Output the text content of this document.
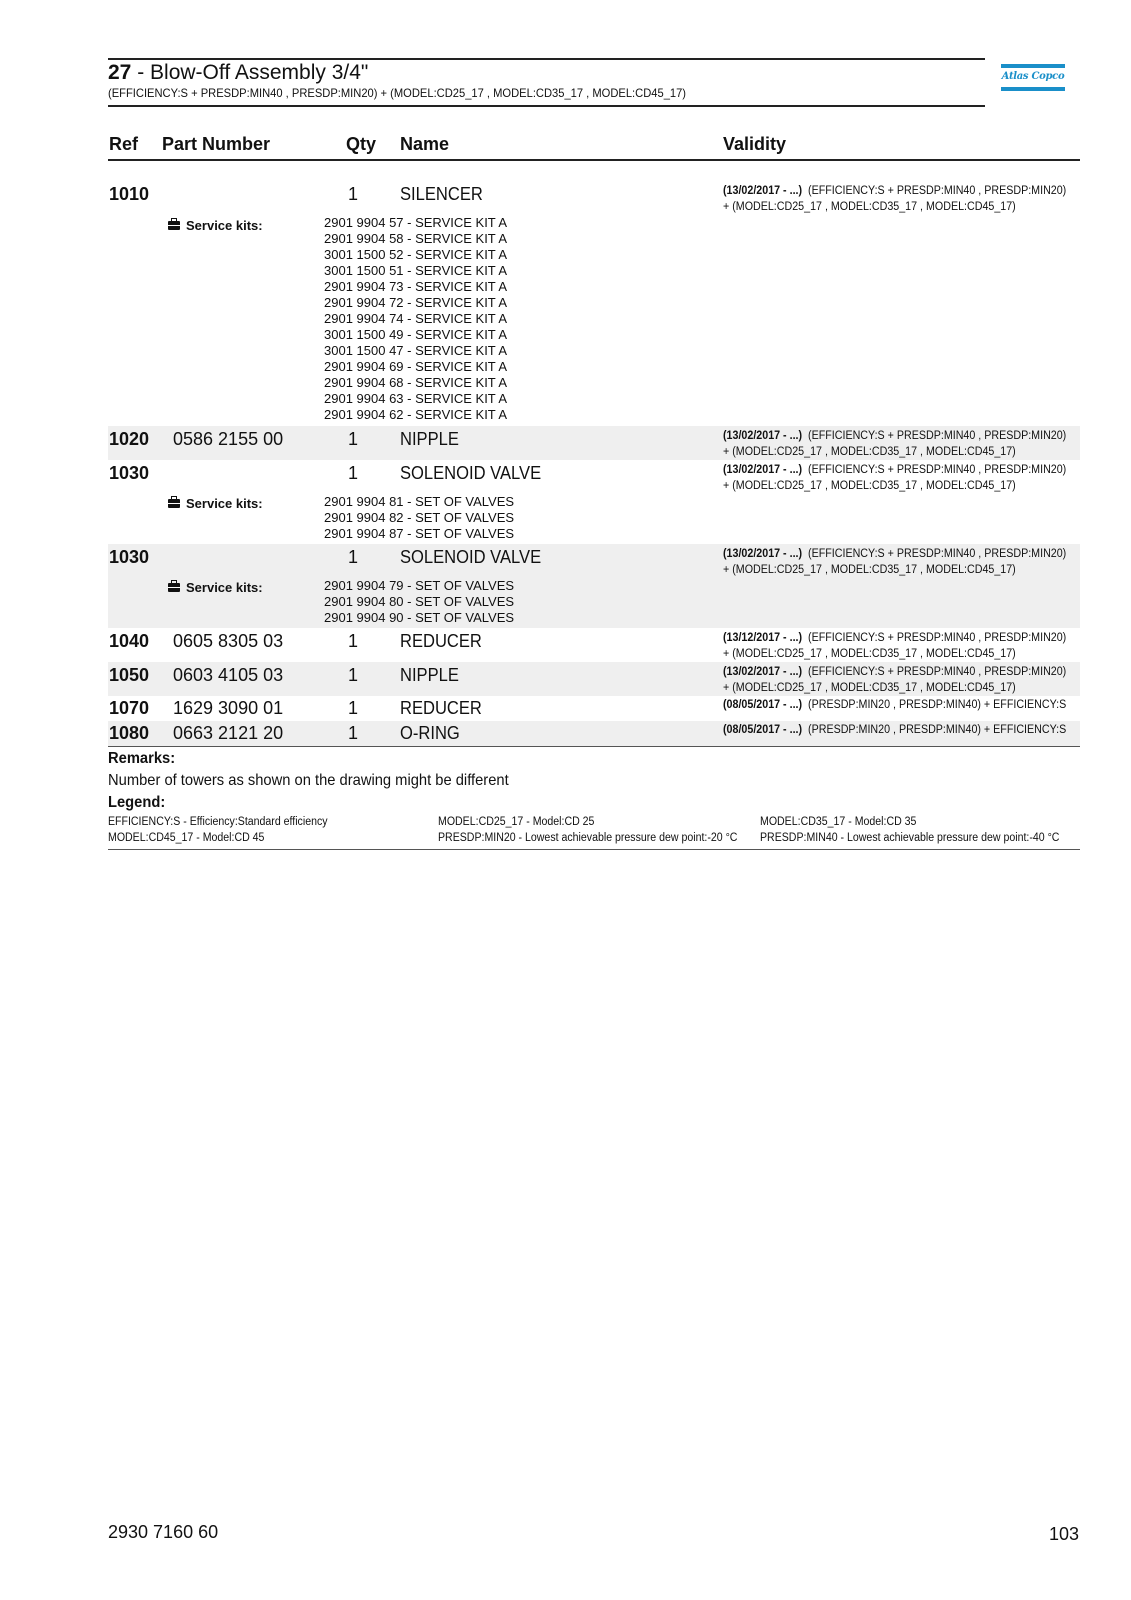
27 - Blow-Off Assembly 3/4"
(EFFICIENCY:S + PRESDP:MIN40 , PRESDP:MIN20) + (MODEL:CD25_17 , MODEL:CD35_17 , MODEL:CD45_17)
Atlas Copco
Ref Part Number	Qty Name	Validity
1010	1 SILENCER	(13/02/2017 - ...) (EFFICIENCY:S + PRESDP:MIN40 , PRESDP:MIN20)
+ (MODEL:CD25_17 , MODEL:CD35_17 , MODEL:CD45_17)
Service kits:	2901 9904 57 - SERVICE KIT A
2901 9904 58 - SERVICE KIT A
3001 1500 52 - SERVICE KIT A
3001 1500 51 - SERVICE KIT A
2901 9904 73 - SERVICE KIT A
2901 9904 72 - SERVICE KIT A
2901 9904 74 - SERVICE KIT A
3001 1500 49 - SERVICE KIT A
3001 1500 47 - SERVICE KIT A
2901 9904 69 - SERVICE KIT A
2901 9904 68 - SERVICE KIT A
2901 9904 63 - SERVICE KIT A
2901 9904 62 - SERVICE KIT A
1020 0586 2155 00	1 NIPPLE	(13/02/2017 - ...) (EFFICIENCY:S + PRESDP:MIN40 , PRESDP:MIN20)
+ (MODEL:CD25_17 , MODEL:CD35_17 , MODEL:CD45_17)
1030	1 SOLENOID VALVE	(13/02/2017 - ...) (EFFICIENCY:S + PRESDP:MIN40 , PRESDP:MIN20)
+ (MODEL:CD25_17 , MODEL:CD35_17 , MODEL:CD45_17)
Service kits:	2901 9904 81 - SET OF VALVES
2901 9904 82 - SET OF VALVES
2901 9904 87 - SET OF VALVES
1030	1 SOLENOID VALVE	(13/02/2017 - ...) (EFFICIENCY:S + PRESDP:MIN40 , PRESDP:MIN20)
+ (MODEL:CD25_17 , MODEL:CD35_17 , MODEL:CD45_17)
Service kits:	2901 9904 79 - SET OF VALVES
2901 9904 80 - SET OF VALVES
2901 9904 90 - SET OF VALVES
1040 0605 8305 03	1 REDUCER	(13/12/2017 - ...) (EFFICIENCY:S + PRESDP:MIN40 , PRESDP:MIN20)
+ (MODEL:CD25_17 , MODEL:CD35_17 , MODEL:CD45_17)
1050 0603 4105 03	1 NIPPLE	(13/02/2017 - ...) (EFFICIENCY:S + PRESDP:MIN40 , PRESDP:MIN20)
+ (MODEL:CD25_17 , MODEL:CD35_17 , MODEL:CD45_17)
1070 1629 3090 01	1 REDUCER	(08/05/2017 - ...) (PRESDP:MIN20 , PRESDP:MIN40) + EFFICIENCY:S
1080 0663 2121 20	1 O-RING	(08/05/2017 - ...) (PRESDP:MIN20 , PRESDP:MIN40) + EFFICIENCY:S
Remarks:
Number of towers as shown on the drawing might be different
Legend:
EFFICIENCY:S - Efficiency:Standard efficiency	MODEL:CD25_17 - Model:CD 25	MODEL:CD35_17 - Model:CD 35
MODEL:CD45_17 - Model:CD 45	PRESDP:MIN20 - Lowest achievable pressure dew point:-20 °C PRESDP:MIN40 - Lowest achievable pressure dew point:-40 °C
2930 7160 60	103
